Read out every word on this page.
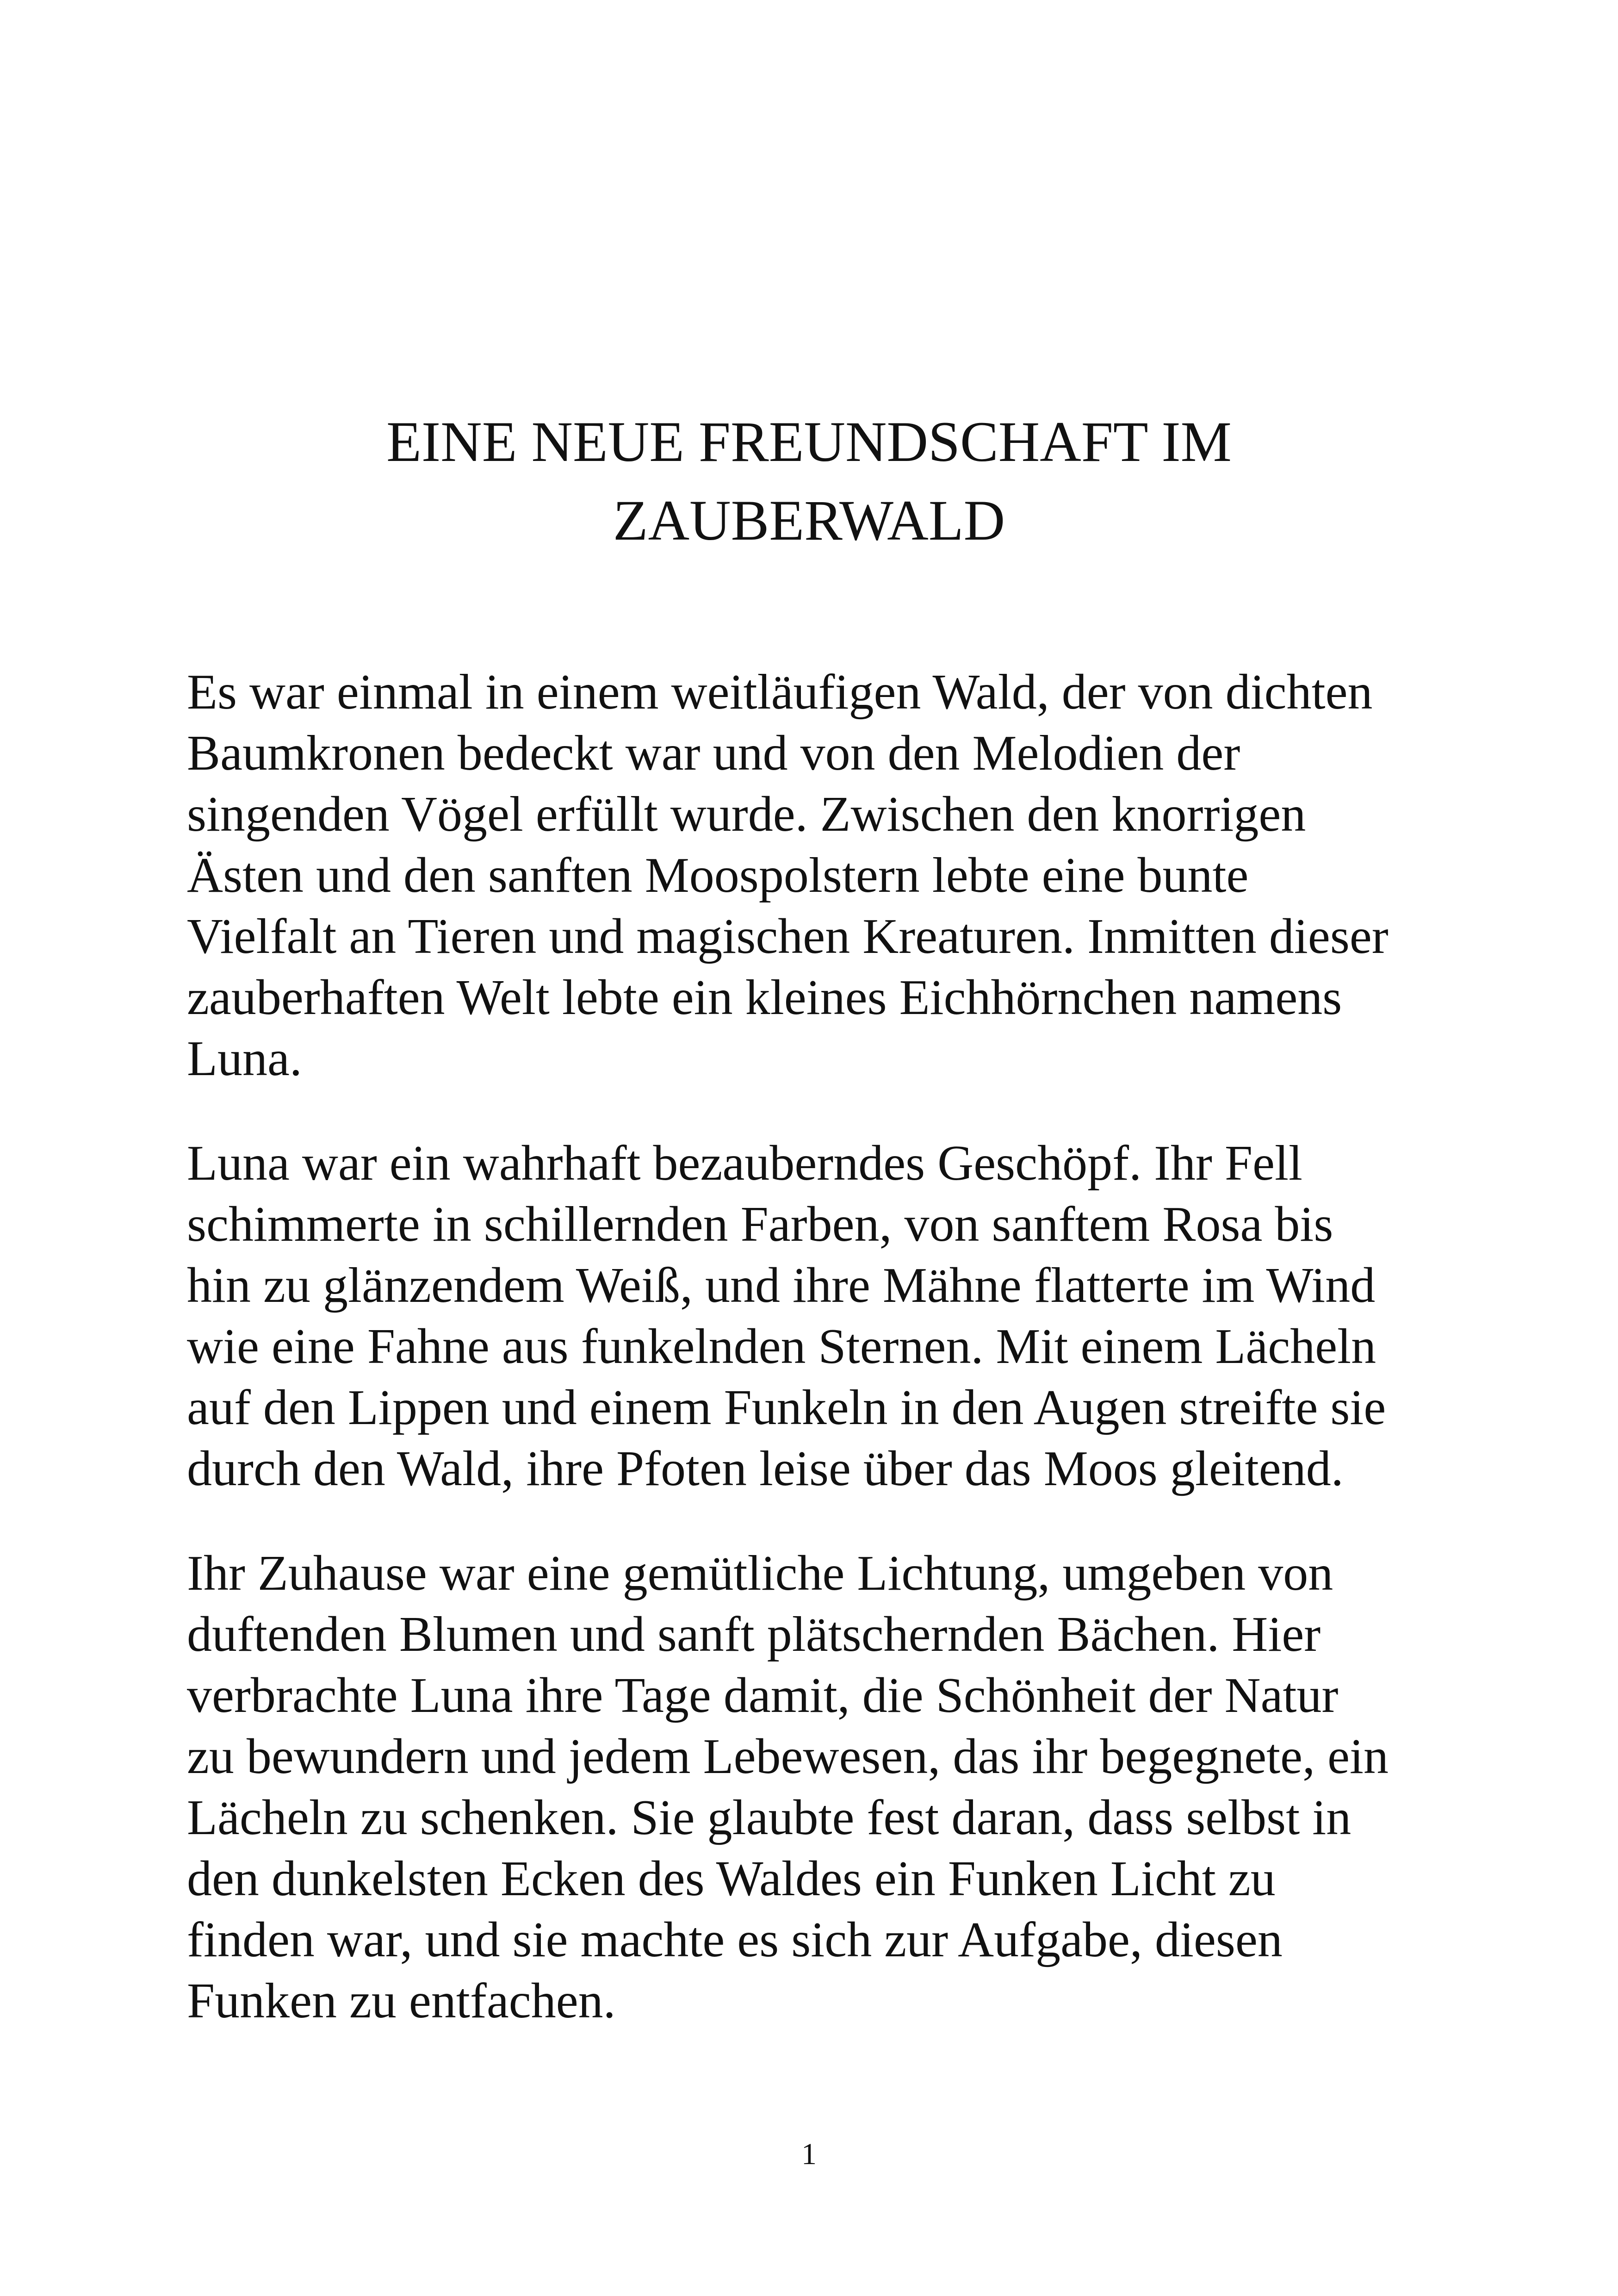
EINE NEUE FREUNDSCHAFT IM
ZAUBERWALD

Es war einmal in einem weitläufigen Wald, der von dichten
Baumkronen bedeckt war und von den Melodien der
singenden Vögel erfüllt wurde. Zwischen den knorrigen
Ästen und den sanften Moospolstern lebte eine bunte
Vielfalt an Tieren und magischen Kreaturen. Inmitten dieser
zauberhaften Welt lebte ein kleines Eichhörnchen namens
Luna.

Luna war ein wahrhaft bezauberndes Geschöpf. Ihr Fell
schimmerte in schillernden Farben, von sanftem Rosa bis
hin zu glänzendem Weiß, und ihre Mähne flatterte im Wind
wie eine Fahne aus funkelnden Sternen. Mit einem Lächeln
auf den Lippen und einem Funkeln in den Augen streifte sie
durch den Wald, ihre Pfoten leise über das Moos gleitend.

Ihr Zuhause war eine gemütliche Lichtung, umgeben von
duftenden Blumen und sanft plätschernden Bächen. Hier
verbrachte Luna ihre Tage damit, die Schönheit der Natur
zu bewundern und jedem Lebewesen, das ihr begegnete, ein
Lächeln zu schenken. Sie glaubte fest daran, dass selbst in
den dunkelsten Ecken des Waldes ein Funken Licht zu
finden war, und sie machte es sich zur Aufgabe, diesen
Funken zu entfachen.

1
